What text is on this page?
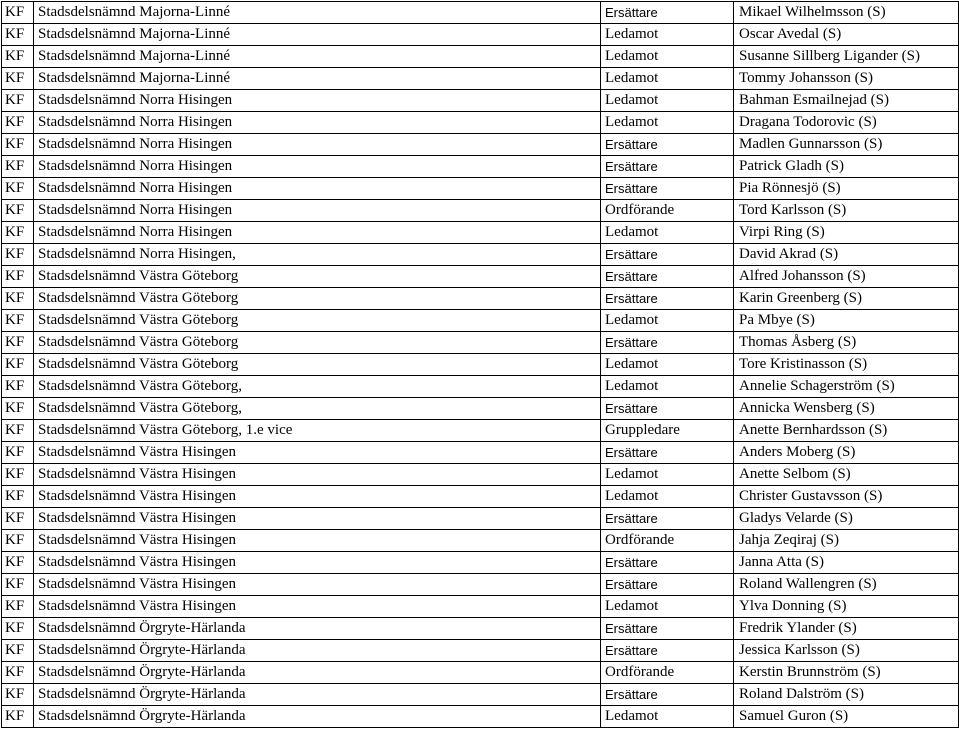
KF	Stadsdelsnämnd Majorna-Linné	Ersättare	Mikael Wilhelmsson (S)
KF	Stadsdelsnämnd Majorna-Linné	Ledamot	Oscar Avedal (S)
KF	Stadsdelsnämnd Majorna-Linné	Ledamot	Susanne Sillberg Ligander (S)
KF	Stadsdelsnämnd Majorna-Linné	Ledamot	Tommy Johansson (S)
KF	Stadsdelsnämnd Norra Hisingen	Ledamot	Bahman Esmailnejad (S)
KF	Stadsdelsnämnd Norra Hisingen	Ledamot	Dragana Todorovic (S)
KF	Stadsdelsnämnd Norra Hisingen	Ersättare	Madlen Gunnarsson (S)
KF	Stadsdelsnämnd Norra Hisingen	Ersättare	Patrick Gladh (S)
KF	Stadsdelsnämnd Norra Hisingen	Ersättare	Pia Rönnesjö (S)
KF	Stadsdelsnämnd Norra Hisingen	Ordförande	Tord Karlsson (S)
KF	Stadsdelsnämnd Norra Hisingen	Ledamot	Virpi Ring (S)
KF	Stadsdelsnämnd Norra Hisingen,	Ersättare	David Akrad (S)
KF	Stadsdelsnämnd Västra Göteborg	Ersättare	Alfred Johansson (S)
KF	Stadsdelsnämnd Västra Göteborg	Ersättare	Karin Greenberg (S)
KF	Stadsdelsnämnd Västra Göteborg	Ledamot	Pa Mbye (S)
KF	Stadsdelsnämnd Västra Göteborg	Ersättare	Thomas Åsberg (S)
KF	Stadsdelsnämnd Västra Göteborg	Ledamot	Tore Kristinasson (S)
KF	Stadsdelsnämnd Västra Göteborg,	Ledamot	Annelie Schagerström (S)
KF	Stadsdelsnämnd Västra Göteborg,	Ersättare	Annicka Wensberg (S)
KF	Stadsdelsnämnd Västra Göteborg, 1.e vice	Gruppledare	Anette Bernhardsson (S)
KF	Stadsdelsnämnd Västra Hisingen	Ersättare	Anders Moberg (S)
KF	Stadsdelsnämnd Västra Hisingen	Ledamot	Anette Selbom (S)
KF	Stadsdelsnämnd Västra Hisingen	Ledamot	Christer Gustavsson (S)
KF	Stadsdelsnämnd Västra Hisingen	Ersättare	Gladys Velarde (S)
KF	Stadsdelsnämnd Västra Hisingen	Ordförande	Jahja Zeqiraj (S)
KF	Stadsdelsnämnd Västra Hisingen	Ersättare	Janna Atta (S)
KF	Stadsdelsnämnd Västra Hisingen	Ersättare	Roland Wallengren (S)
KF	Stadsdelsnämnd Västra Hisingen	Ledamot	Ylva Donning (S)
KF	Stadsdelsnämnd Örgryte-Härlanda	Ersättare	Fredrik Ylander (S)
KF	Stadsdelsnämnd Örgryte-Härlanda	Ersättare	Jessica Karlsson (S)
KF	Stadsdelsnämnd Örgryte-Härlanda	Ordförande	Kerstin Brunnström (S)
KF	Stadsdelsnämnd Örgryte-Härlanda	Ersättare	Roland Dalström (S)
KF	Stadsdelsnämnd Örgryte-Härlanda	Ledamot	Samuel Guron (S)
